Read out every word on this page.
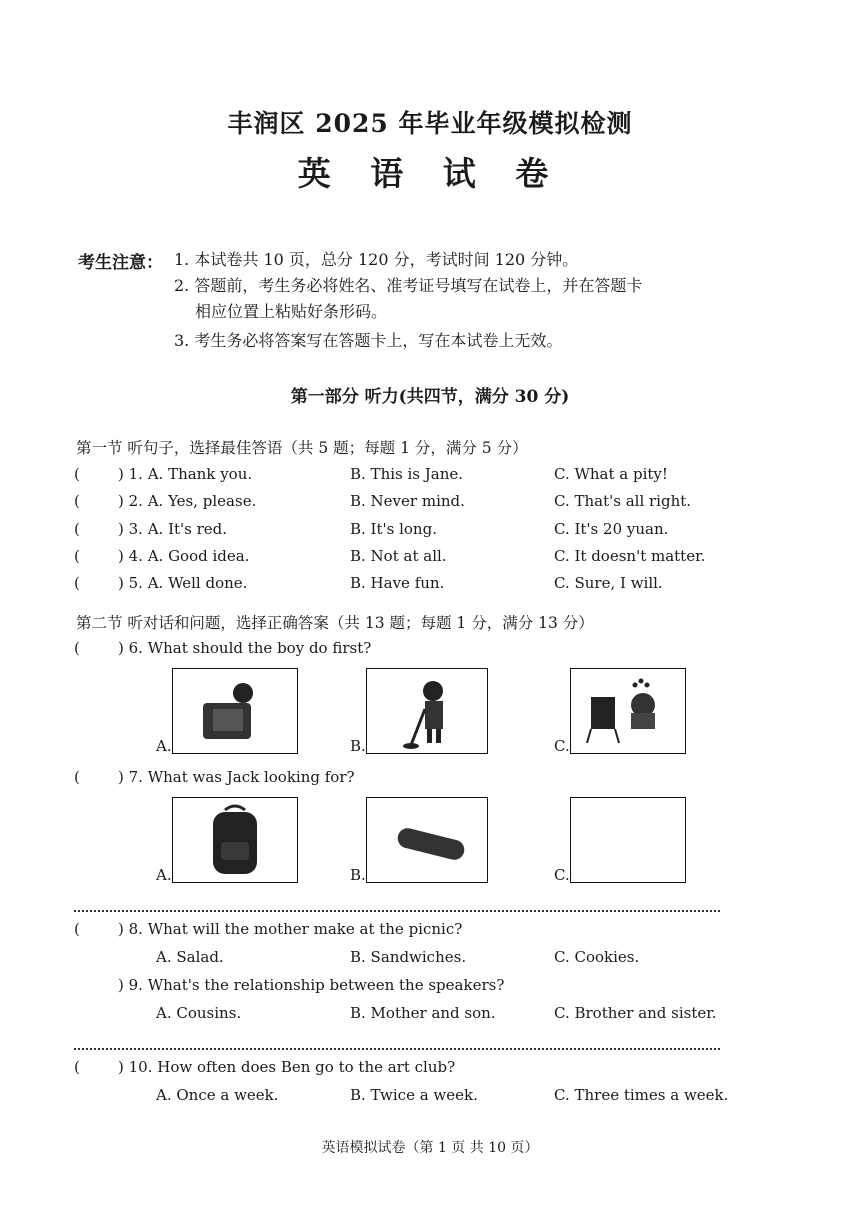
丰润区 2025 年毕业年级模拟检测
英 语 试 卷
考生注意： 1. 本试卷共 10 页，总分 120 分，考试时间 120 分钟。
2. 答题前，考生务必将姓名、准考证号填写在试卷上，并在答题卡
相应位置上粘贴好条形码。
3. 考生务必将答案写在答题卡上，写在本试卷上无效。
第一部分 听力(共四节，满分 30 分)
第一节 听句子，选择最佳答语（共 5 题；每题 1 分，满分 5 分）
(	) 1. A. Thank you.	B. This is Jane.	C. What a pity!
(	) 2. A. Yes, please.	B. Never mind.	C. That's all right.
(	) 3. A. It's red.	B. It's long.	C. It's 20 yuan.
(	) 4. A. Good idea.	B. Not at all.	C. It doesn't matter.
(	) 5. A. Well done.	B. Have fun.	C. Sure, I will.
第二节 听对话和问题，选择正确答案（共 13 题；每题 1 分，满分 13 分）
(	) 6. What should the boy do first?
A.	B.	C.
(	) 7. What was Jack looking for?
A.	B.	C.
(	) 8. What will the mother make at the picnic?
A. Salad.	B. Sandwiches.	C. Cookies.
) 9. What's the relationship between the speakers?
A. Cousins.	B. Mother and son.	C. Brother and sister.
(	) 10. How often does Ben go to the art club?
A. Once a week.	B. Twice a week.	C. Three times a week.
英语模拟试卷（第 1 页 共 10 页）
